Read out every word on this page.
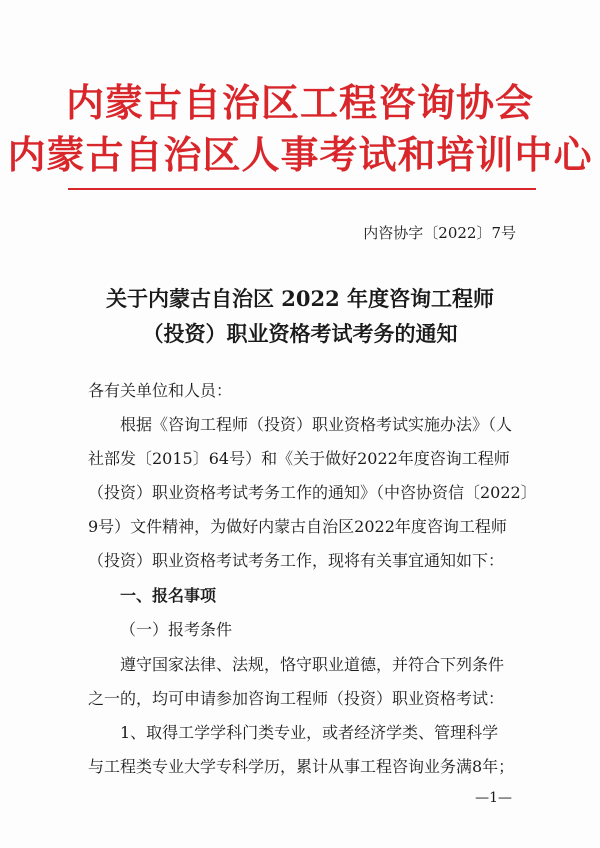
内蒙古自治区工程咨询协会
内蒙古自治区人事考试和培训中心
内咨协字〔2022〕7号
关于内蒙古自治区 2022 年度咨询工程师
（投资）职业资格考试考务的通知
各有关单位和人员：
根据《咨询工程师（投资）职业资格考试实施办法》（人
社部发〔2015〕64号）和《关于做好2022年度咨询工程师
（投资）职业资格考试考务工作的通知》（中咨协资信〔2022〕
9号）文件精神，为做好内蒙古自治区2022年度咨询工程师
（投资）职业资格考试考务工作，现将有关事宜通知如下：
一、报名事项
（一）报考条件
遵守国家法律、法规，恪守职业道德，并符合下列条件
之一的，均可申请参加咨询工程师（投资）职业资格考试：
1、取得工学学科门类专业，或者经济学类、管理科学
与工程类专业大学专科学历，累计从事工程咨询业务满8年；
—1—
